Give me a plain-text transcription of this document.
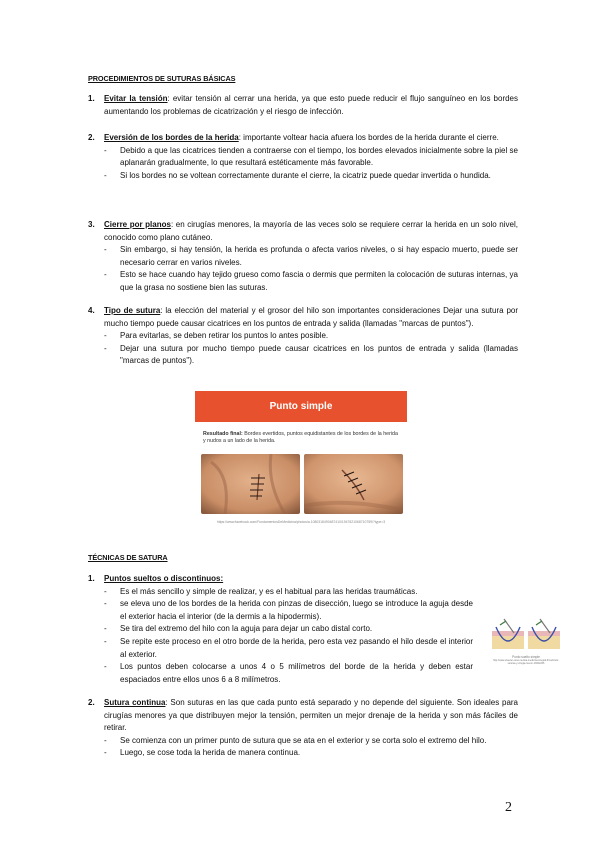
PROCEDIMIENTOS DE SUTURAS BÁSICAS
1. Evitar la tensión: evitar tensión al cerrar una herida, ya que esto puede reducir el flujo sanguíneo en los bordes aumentando los problemas de cicatrización y el riesgo de infección.
2. Eversión de los bordes de la herida: importante voltear hacia afuera los bordes de la herida durante el cierre.
- Debido a que las cicatrices tienden a contraerse con el tiempo, los bordes elevados inicialmente sobre la piel se aplanarán gradualmente, lo que resultará estéticamente más favorable.
- Si los bordes no se voltean correctamente durante el cierre, la cicatriz puede quedar invertida o hundida.
3. Cierre por planos: en cirugías menores, la mayoría de las veces solo se requiere cerrar la herida en un solo nivel, conocido como plano cutáneo.
- Sin embargo, si hay tensión, la herida es profunda o afecta varios niveles, o si hay espacio muerto, puede ser necesario cerrar en varios niveles.
- Esto se hace cuando hay tejido grueso como fascia o dermis que permiten la colocación de suturas internas, ya que la grasa no sostiene bien las suturas.
4. Tipo de sutura: la elección del material y el grosor del hilo son importantes consideraciones Dejar una sutura por mucho tiempo puede causar cicatrices en los puntos de entrada y salida (llamadas "marcas de puntos").
- Para evitarlas, se deben retirar los puntos lo antes posible.
- Dejar una sutura por mucho tiempo puede causar cicatrices en los puntos de entrada y salida (llamadas "marcas de puntos").
Punto simple
Resultado final: Bordes evertidos, puntos equidistantes de los bordes de la herida y nudos a un lado de la herida.
https://www.facebook.com/FundamentosDeMedicina/photos/a.1080318490487410/1947621068710759/?type=3
TÉCNICAS DE SATURA
1. Puntos sueltos o discontinuos:
- Es el más sencillo y simple de realizar, y es el habitual para las heridas traumáticas.
- se eleva uno de los bordes de la herida con pinzas de disección, luego se introduce la aguja desde el exterior hacia el interior (de la dermis a la hipodermis).
- Se tira del extremo del hilo con la aguja para dejar un cabo distal corto.
- Se repite este proceso en el otro borde de la herida, pero esta vez pasando el hilo desde el interior al exterior.
- Los puntos deben colocarse a unos 4 o 5 milímetros del borde de la herida y deben estar espaciados entre ellos unos 6 a 8 milímetros.
Punto suelto simple
http://www.elsevier.es/es-revista-medicina-integral-63-articulo-suturas-y-cirugia-menor-13022236
2. Sutura continua: Son suturas en las que cada punto está separado y no depende del siguiente. Son ideales para cirugías menores ya que distribuyen mejor la tensión, permiten un mejor drenaje de la herida y son más fáciles de retirar.
- Se comienza con un primer punto de sutura que se ata en el exterior y se corta solo el extremo del hilo.
- Luego, se cose toda la herida de manera continua.
2
